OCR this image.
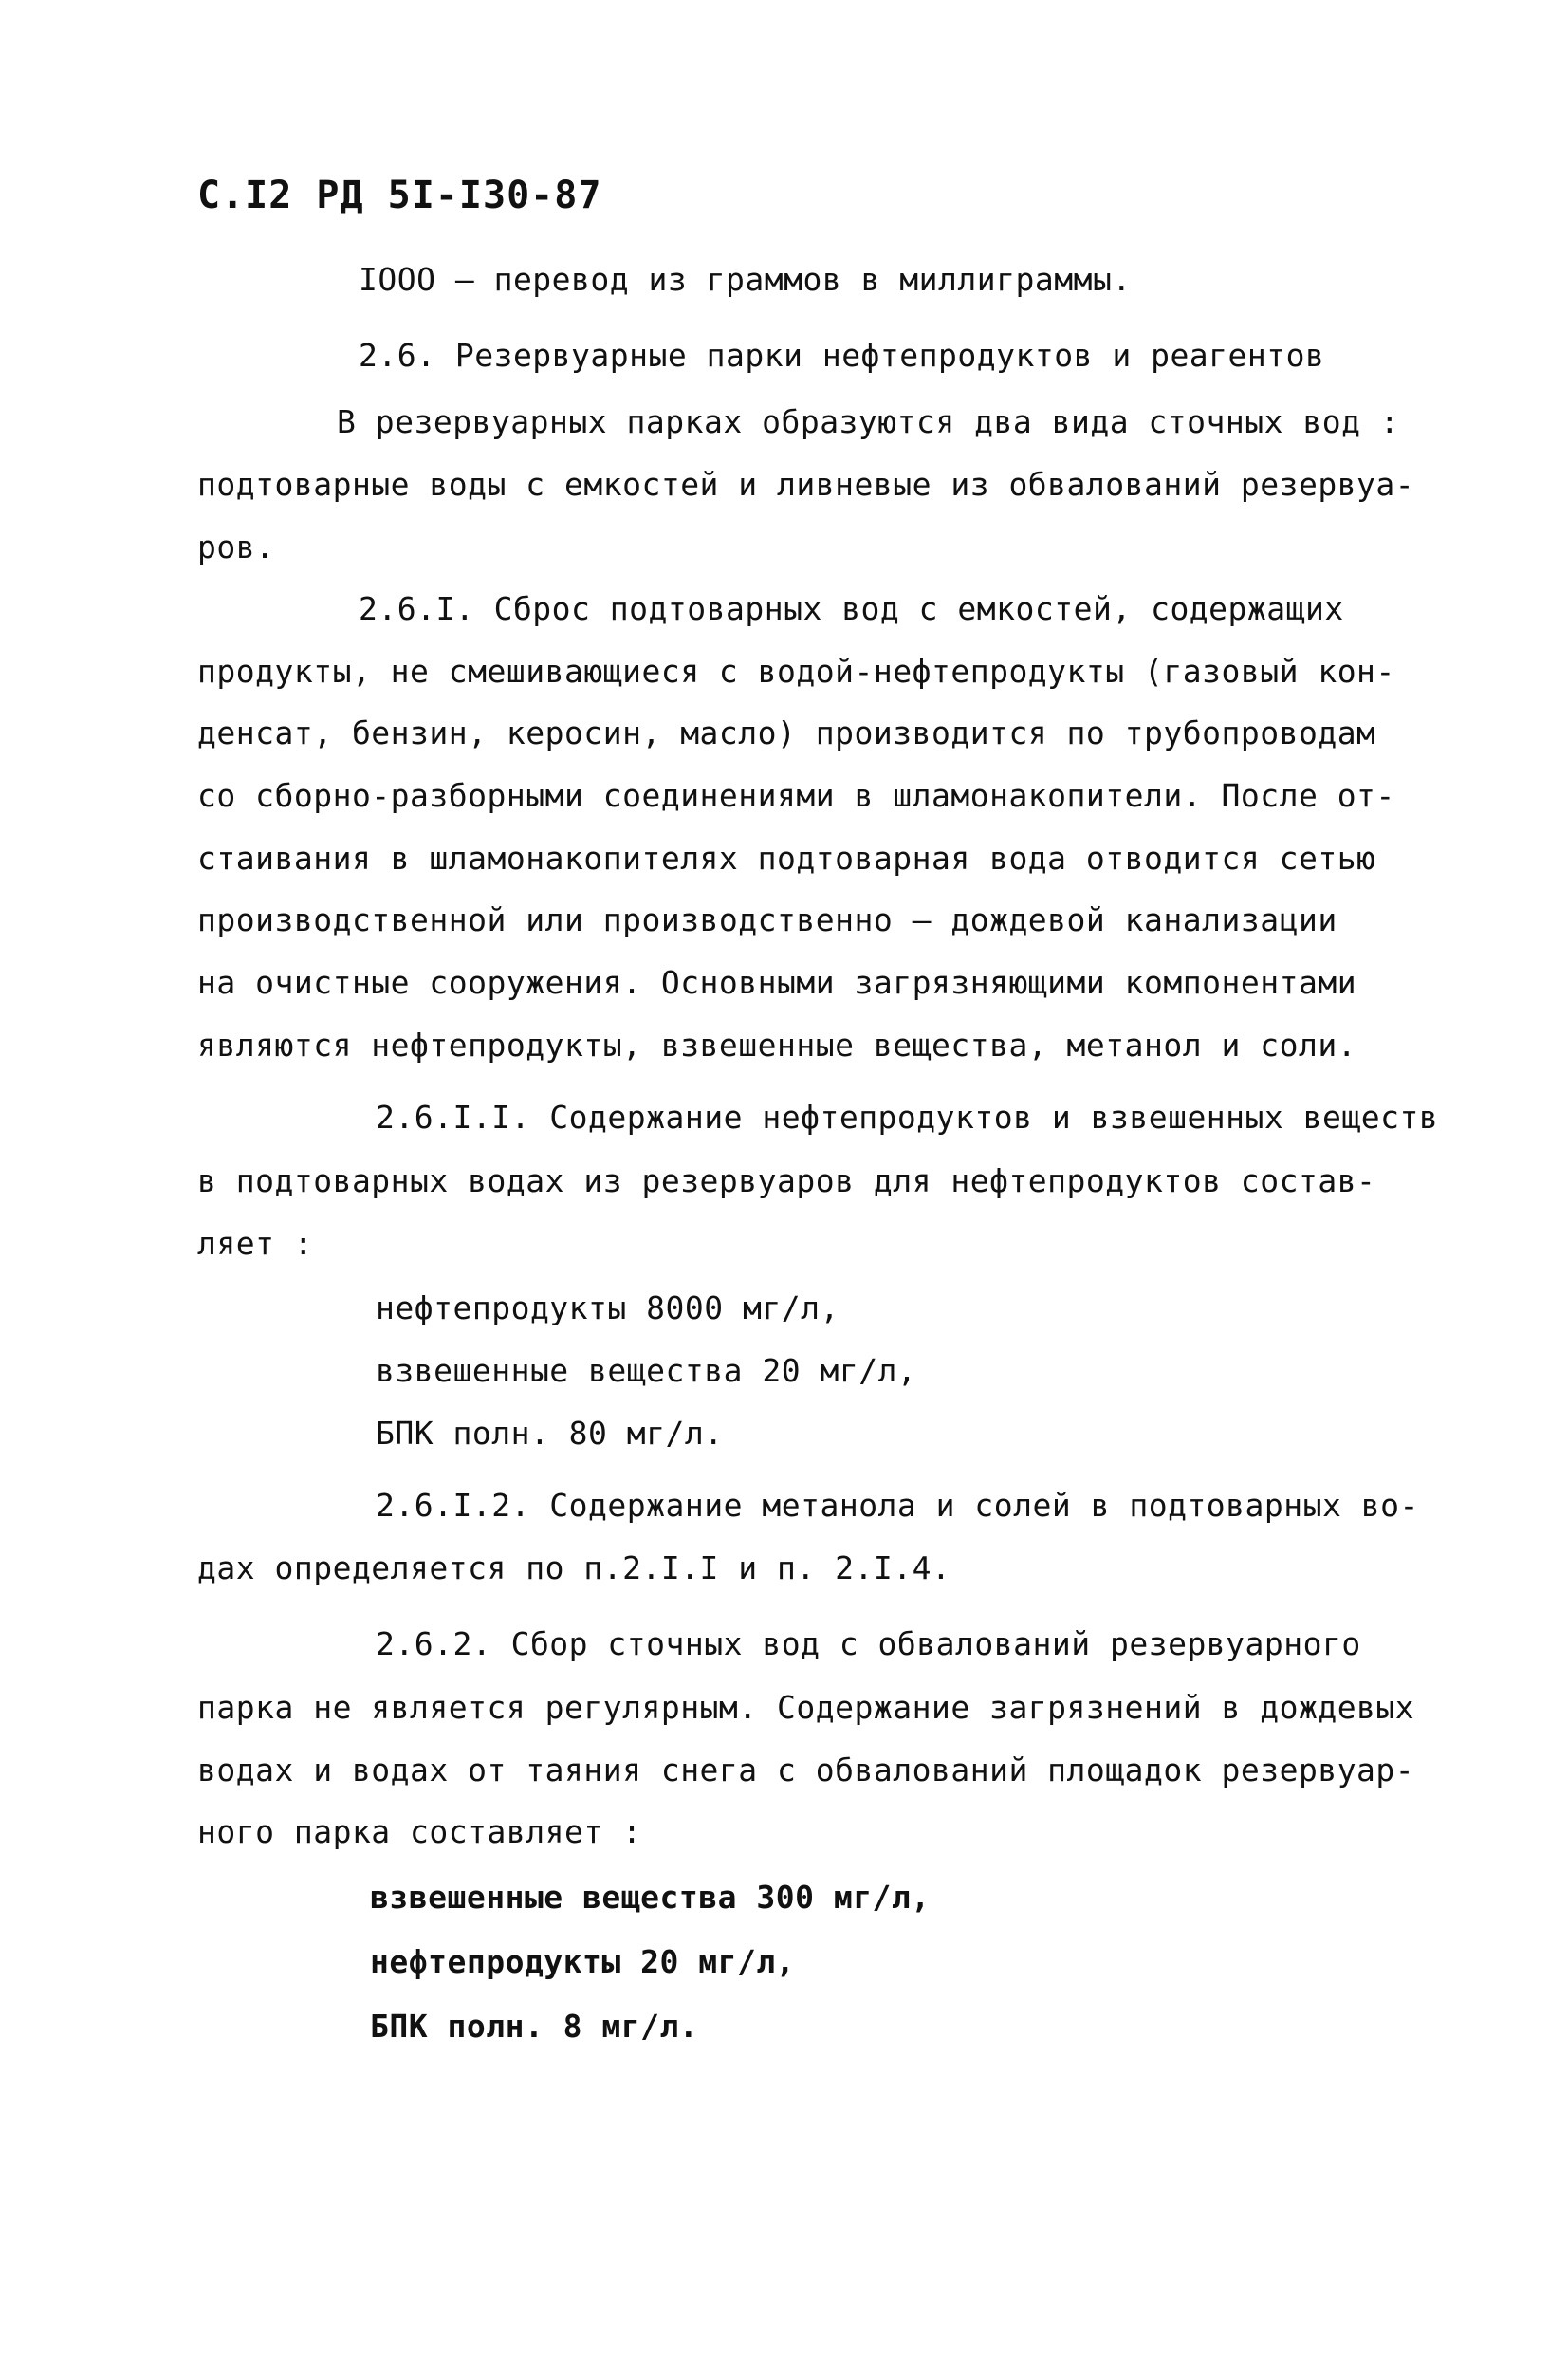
С.I2 РД 5I-I30-87
IOOO – перевод из граммов в миллиграммы.
2.6. Резервуарные парки нефтепродуктов и реагентов
В резервуарных парках образуются два вида сточных вод :
подтоварные воды с емкостей и ливневые из обвалований резервуа-
ров.
2.6.I. Сброс подтоварных вод с емкостей, содержащих
продукты, не смешивающиеся с водой-нефтепродукты (газовый кон-
денсат, бензин, керосин, масло) производится по трубопроводам
со сборно-разборными соединениями в шламонакопители. После от-
стаивания в шламонакопителях подтоварная вода отводится сетью
производственной или производственно – дождевой канализации
на очистные сооружения. Основными загрязняющими компонентами
являются нефтепродукты, взвешенные вещества, метанол и соли.
2.6.I.I. Содержание нефтепродуктов и взвешенных веществ
в подтоварных водах из резервуаров для нефтепродуктов состав-
ляет :
нефтепродукты 8000 мг/л,
взвешенные вещества 20 мг/л,
БПК полн. 80 мг/л.
2.6.I.2. Содержание метанола и солей в подтоварных во-
дах определяется по п.2.I.I и п. 2.I.4.
2.6.2. Сбор сточных вод с обвалований резервуарного
парка не является регулярным. Содержание загрязнений в дождевых
водах и водах от таяния снега с обвалований площадок резервуар-
ного парка составляет :
взвешенные вещества 300 мг/л,
нефтепродукты 20 мг/л,
БПК полн. 8 мг/л.
